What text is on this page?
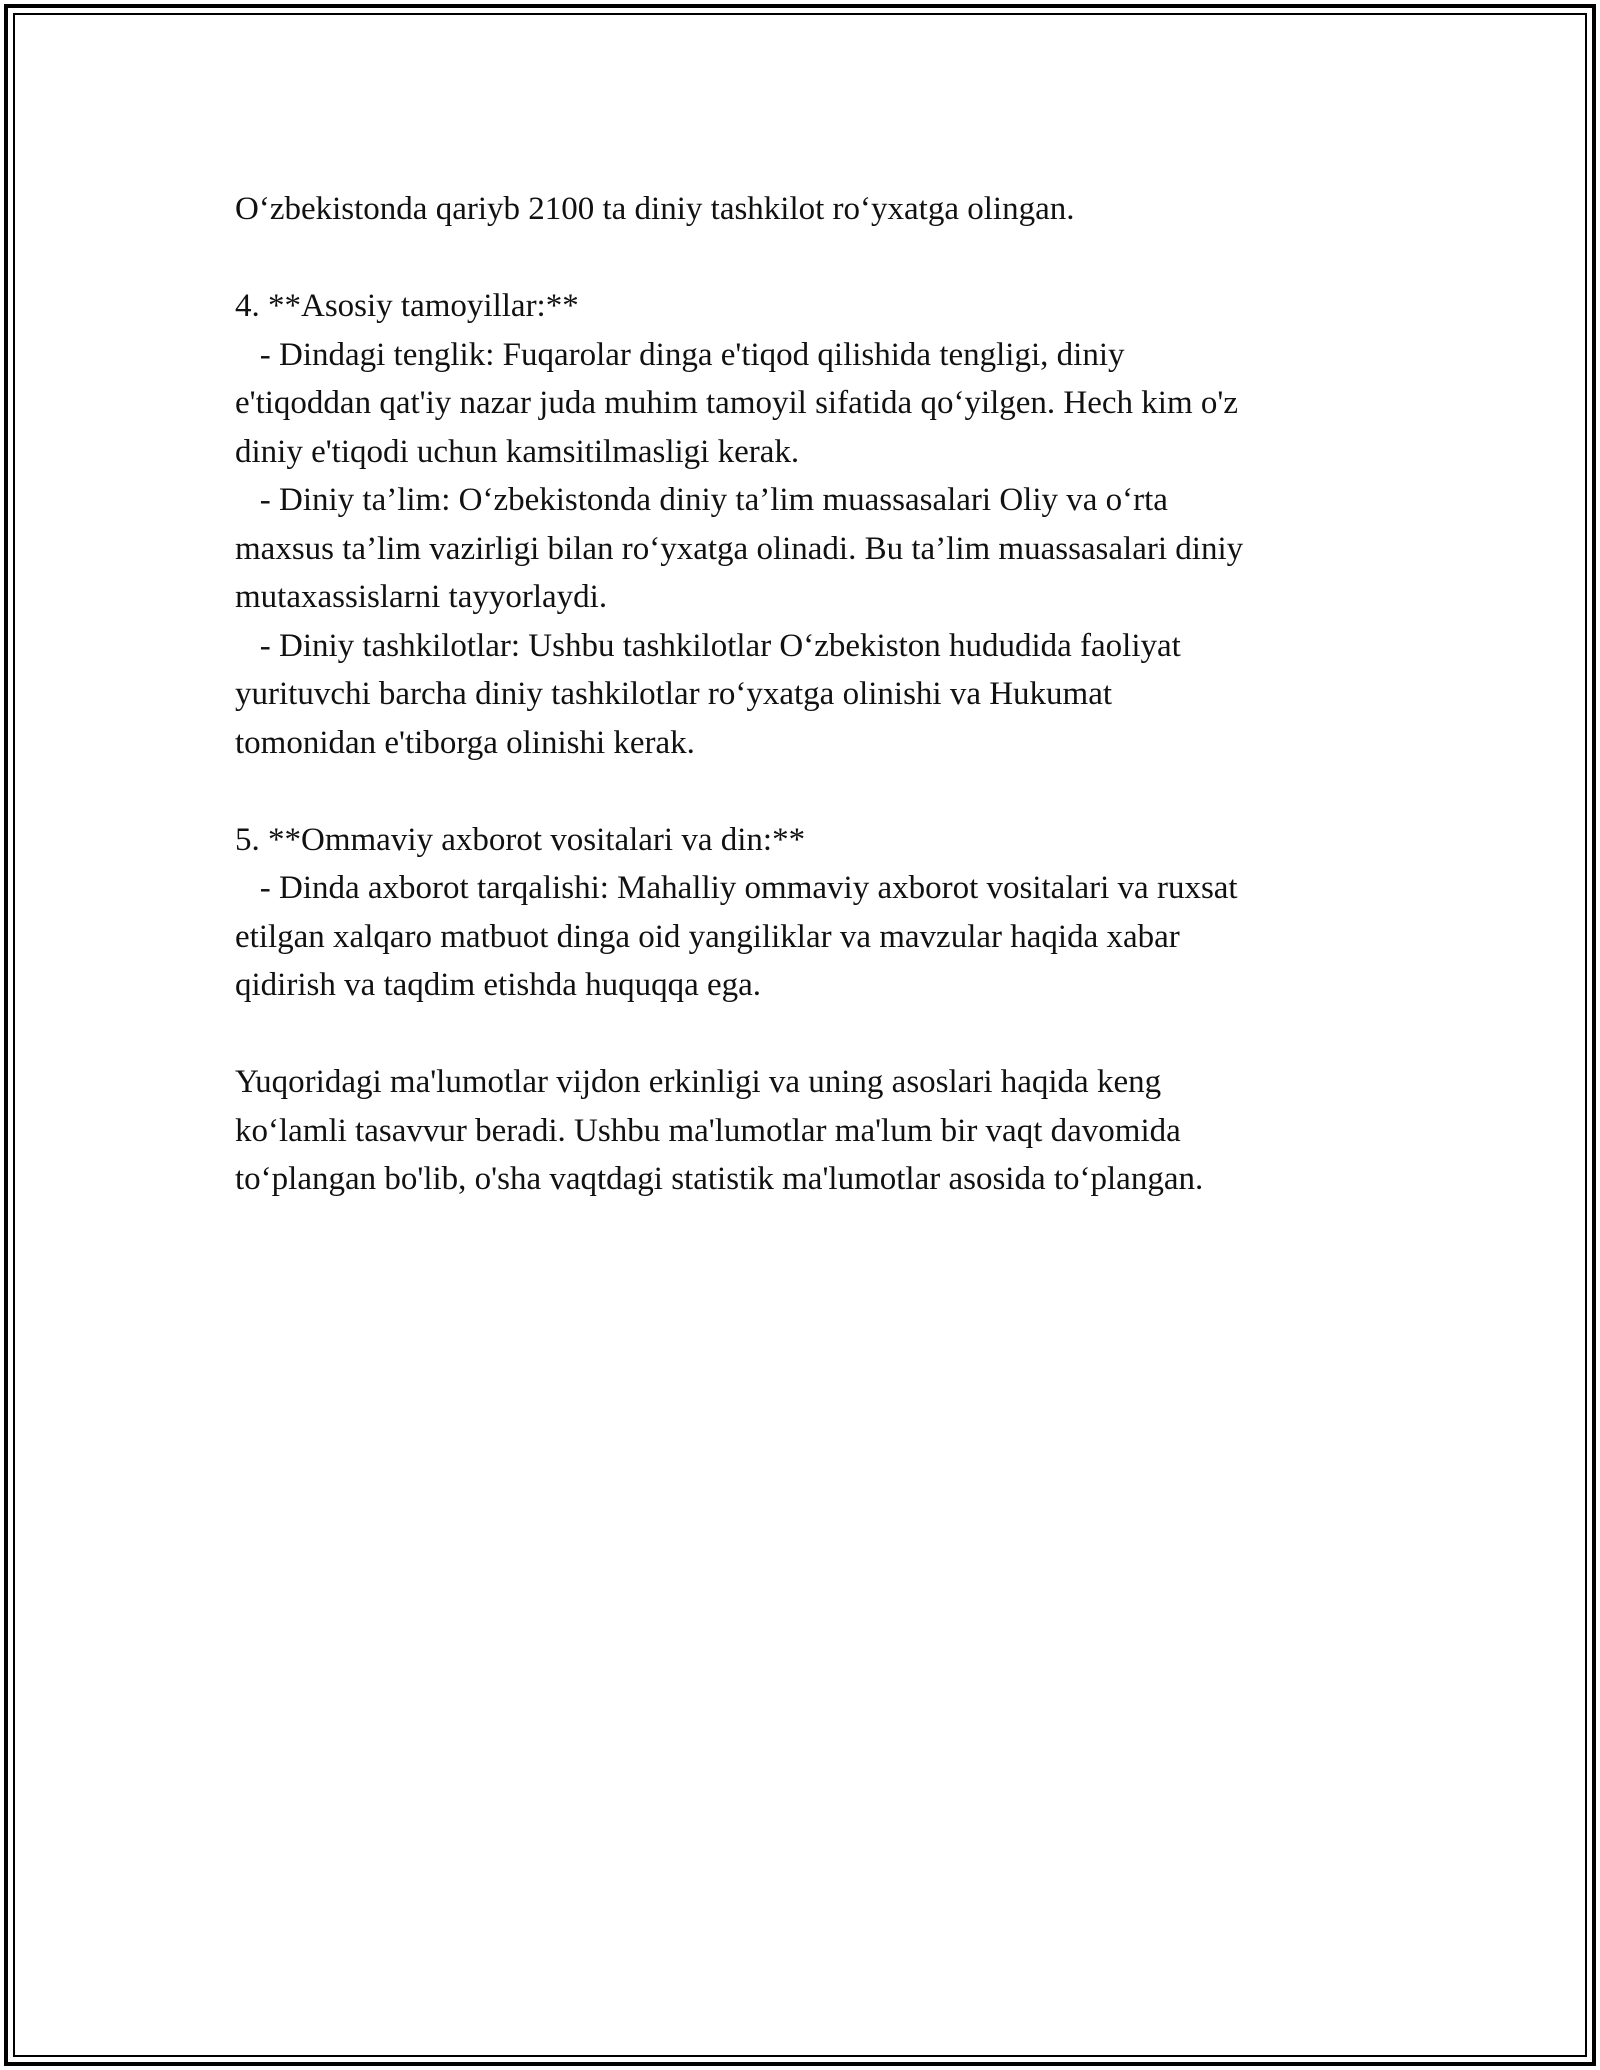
O‘zbekistonda qariyb 2100 ta diniy tashkilot ro‘yxatga olingan.
4. **Asosiy tamoyillar:**
- Dindagi tenglik: Fuqarolar dinga e'tiqod qilishida tengligi, diniy
e'tiqoddan qat'iy nazar juda muhim tamoyil sifatida qo‘yilgen. Hech kim o'z
diniy e'tiqodi uchun kamsitilmasligi kerak.
- Diniy ta’lim: O‘zbekistonda diniy ta’lim muassasalari Oliy va o‘rta
maxsus ta’lim vazirligi bilan ro‘yxatga olinadi. Bu ta’lim muassasalari diniy
mutaxassislarni tayyorlaydi.
- Diniy tashkilotlar: Ushbu tashkilotlar O‘zbekiston hududida faoliyat
yurituvchi barcha diniy tashkilotlar ro‘yxatga olinishi va Hukumat
tomonidan e'tiborga olinishi kerak.
5. **Ommaviy axborot vositalari va din:**
- Dinda axborot tarqalishi: Mahalliy ommaviy axborot vositalari va ruxsat
etilgan xalqaro matbuot dinga oid yangiliklar va mavzular haqida xabar
qidirish va taqdim etishda huquqqa ega.
Yuqoridagi ma'lumotlar vijdon erkinligi va uning asoslari haqida keng
ko‘lamli tasavvur beradi. Ushbu ma'lumotlar ma'lum bir vaqt davomida
to‘plangan bo'lib, o'sha vaqtdagi statistik ma'lumotlar asosida to‘plangan.
